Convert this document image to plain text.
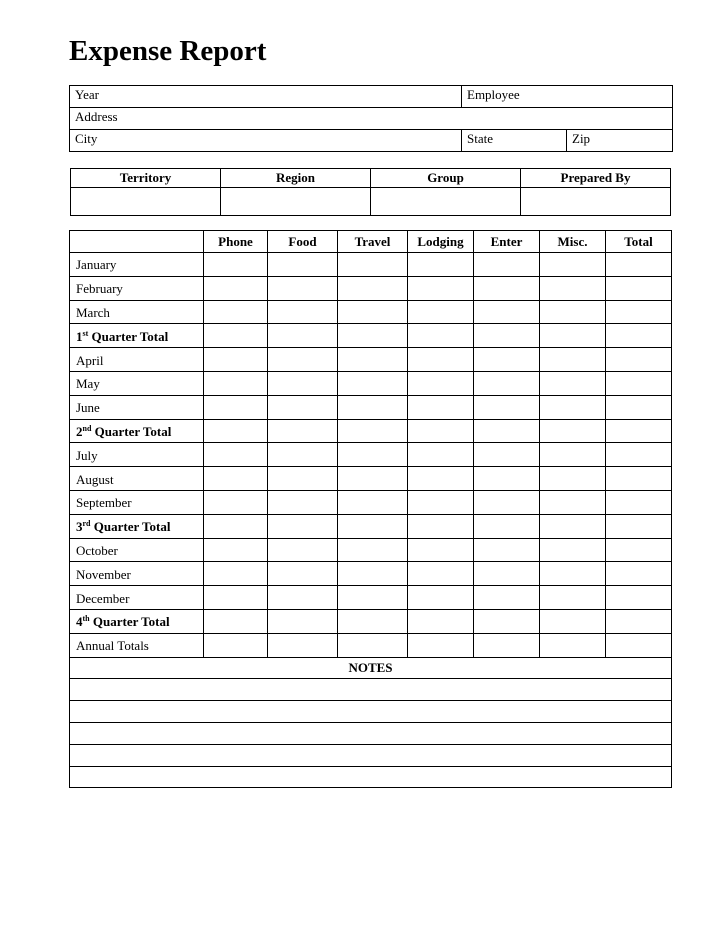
Expense Report
Year	Employee	
Address		
City	State	Zip
Territory	Region	Group	Prepared By

	Phone	Food	Travel	Lodging	Enter	Misc.	Total
January							
February							
March							
1st Quarter Total							
April							
May							
June							
2nd Quarter Total							
July							
August							
September							
3rd Quarter Total							
October							
November							
December							
4th Quarter Total							
Annual Totals							
NOTES							
